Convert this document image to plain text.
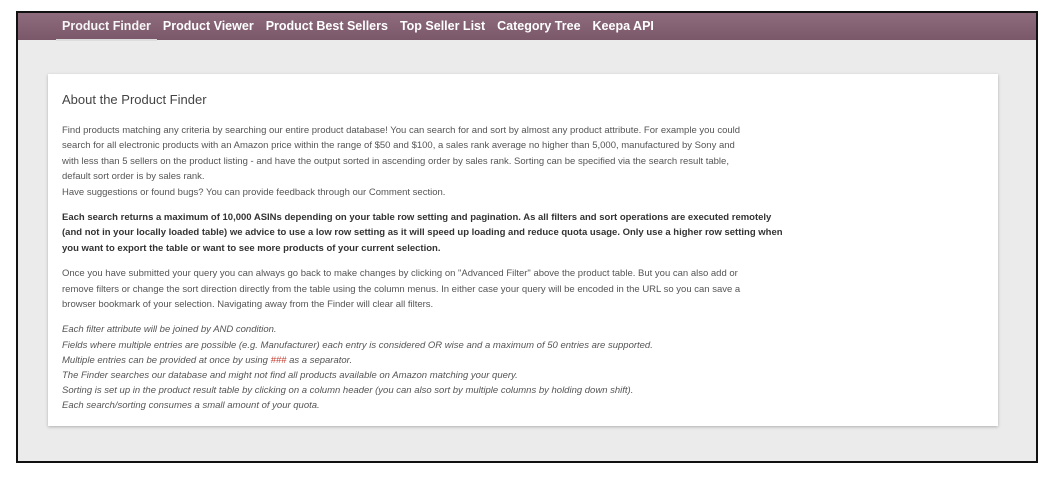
Product Finder Product Viewer Product Best Sellers Top Seller List Category Tree Keepa API
About the Product Finder
Find products matching any criteria by searching our entire product database! You can search for and sort by almost any product attribute. For example you could
search for all electronic products with an Amazon price within the range of $50 and $100, a sales rank average no higher than 5,000, manufactured by Sony and
with less than 5 sellers on the product listing - and have the output sorted in ascending order by sales rank. Sorting can be specified via the search result table,
default sort order is by sales rank.
Have suggestions or found bugs? You can provide feedback through our Comment section.
Each search returns a maximum of 10,000 ASINs depending on your table row setting and pagination. As all filters and sort operations are executed remotely
(and not in your locally loaded table) we advice to use a low row setting as it will speed up loading and reduce quota usage. Only use a higher row setting when
you want to export the table or want to see more products of your current selection.
Once you have submitted your query you can always go back to make changes by clicking on "Advanced Filter" above the product table. But you can also add or
remove filters or change the sort direction directly from the table using the column menus. In either case your query will be encoded in the URL so you can save a
browser bookmark of your selection. Navigating away from the Finder will clear all filters.
Each filter attribute will be joined by AND condition.
Fields where multiple entries are possible (e.g. Manufacturer) each entry is considered OR wise and a maximum of 50 entries are supported.
Multiple entries can be provided at once by using ### as a separator.
The Finder searches our database and might not find all products available on Amazon matching your query.
Sorting is set up in the product result table by clicking on a column header (you can also sort by multiple columns by holding down shift).
Each search/sorting consumes a small amount of your quota.
